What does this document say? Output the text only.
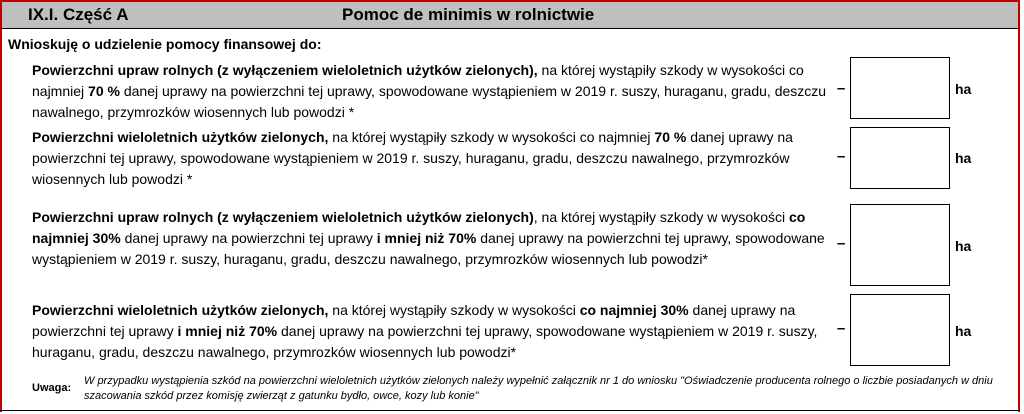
IX.I. Część A	Pomoc de minimis w rolnictwie
Wnioskuję o udzielenie pomocy finansowej do:
Powierzchni upraw rolnych (z wyłączeniem wieloletnich użytków zielonych), na której wystąpiły szkody w wysokości co najmniej 70 % danej uprawy na powierzchni tej uprawy, spowodowane wystąpieniem w 2019 r. suszy, huraganu, gradu, deszczu nawalnego, przymrozków wiosennych lub powodzi *
–	ha
Powierzchni wieloletnich użytków zielonych, na której wystąpiły szkody w wysokości co najmniej 70 % danej uprawy na powierzchni tej uprawy, spowodowane wystąpieniem w 2019 r. suszy, huraganu, gradu, deszczu nawalnego, przymrozków wiosennych lub powodzi *
–	ha
Powierzchni upraw rolnych (z wyłączeniem wieloletnich użytków zielonych), na której wystąpiły szkody w wysokości co najmniej 30% danej uprawy na powierzchni tej uprawy i mniej niż 70% danej uprawy na powierzchni tej uprawy, spowodowane wystąpieniem w 2019 r. suszy, huraganu, gradu, deszczu nawalnego, przymrozków wiosennych lub powodzi*
–	ha
Powierzchni wieloletnich użytków zielonych, na której wystąpiły szkody w wysokości co najmniej 30% danej uprawy na powierzchni tej uprawy i mniej niż 70% danej uprawy na powierzchni tej uprawy, spowodowane wystąpieniem w 2019 r. suszy, huraganu, gradu, deszczu nawalnego, przymrozków wiosennych lub powodzi*
–	ha
Uwaga:
W przypadku wystąpienia szkód na powierzchni wieloletnich użytków zielonych należy wypełnić załącznik nr 1 do wniosku "Oświadczenie producenta rolnego o liczbie posiadanych w dniu szacowania szkód przez komisję zwierząt z gatunku bydło, owce, kozy lub konie"
